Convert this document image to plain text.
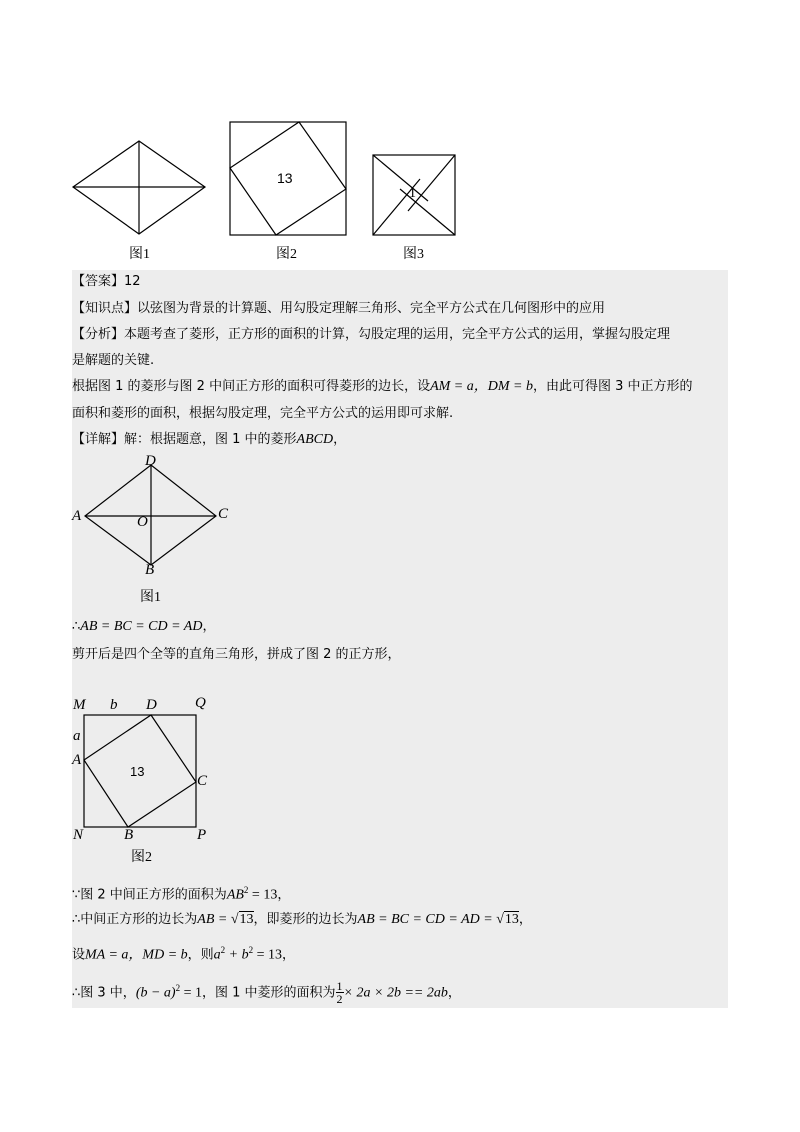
13
1
图1	图2	图3
【答案】12
【知识点】以弦图为背景的计算题、用勾股定理解三角形、完全平方公式在几何图形中的应用
【分析】本题考查了菱形，正方形的面积的计算，勾股定理的运用，完全平方公式的运用，掌握勾股定理
是解题的关键.
根据图 1 的菱形与图 2 中间正方形的面积可得菱形的边长，设AM = a，DM = b，由此可得图 3 中正方形的
面积和菱形的面积，根据勾股定理，完全平方公式的运用即可求解.
【详解】解：根据题意，图 1 中的菱形ABCD，
D
A	O	C
B
图1
∴AB = BC = CD = AD，
剪开后是四个全等的直角三角形，拼成了图 2 的正方形，
M b D	Q
a
A
13
C
N	B	P
图2
∵图 2 中间正方形的面积为$AB^2 = 13$，
∴中间正方形的边长为AB = √13，即菱形的边长为AB = BC = CD = AD = √13，
设MA = a，MD = b，则$a^2 + b^2 = 13$，
∴图 3 中，$(b - a)^2 = 1$，图 1 中菱形的面积为 $\frac{1}{2} \times 2a \times 2b == 2ab$，
